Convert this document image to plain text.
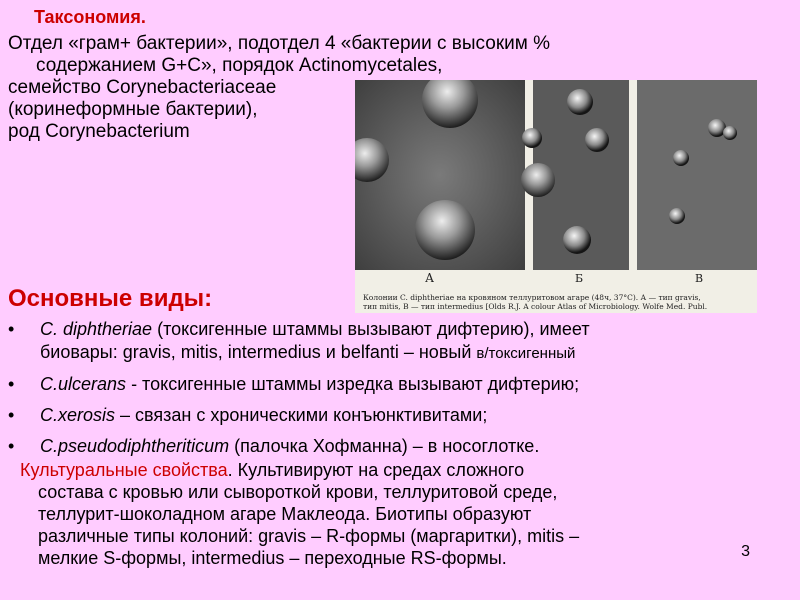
Таксономия.
Отдел «грам+ бактерии», подотдел 4 «бактерии с высоким %
содержанием G+C», порядок Actinomycetales,
семейство Corynebacteriaceae
(коринеформные бактерии),
род Corynebacterium
А	Б	В
Колонии C. diphtheriae на кровяном теллуритовом агаре (48ч, 37°С). А — тип gravis,
тип mitis, В — тип intermedius [Olds R.J. A colour Atlas of Microbiology. Wolfe Med. Publ.
Основные виды:
• C. diphtheriae (токсигенные штаммы вызывают дифтерию), имеет
биовары: gravis, mitis, intermedius и belfanti – новый в/токсигенный
• C.ulcerans - токсигенные штаммы изредка вызывают дифтерию;
• C.xerosis – связан с хроническими конъюнктивитами;
• C.pseudodiphtheriticum (палочка Хофманна) – в носоглотке.
Культуральные свойства. Культивируют на средах сложного
состава с кровью или сывороткой крови, теллуритовой среде,
теллурит-шоколадном агаре Маклеода. Биотипы образуют
различные типы колоний: gravis – R-формы (маргаритки), mitis –
мелкие S-формы, intermedius – переходные RS-формы.	3
